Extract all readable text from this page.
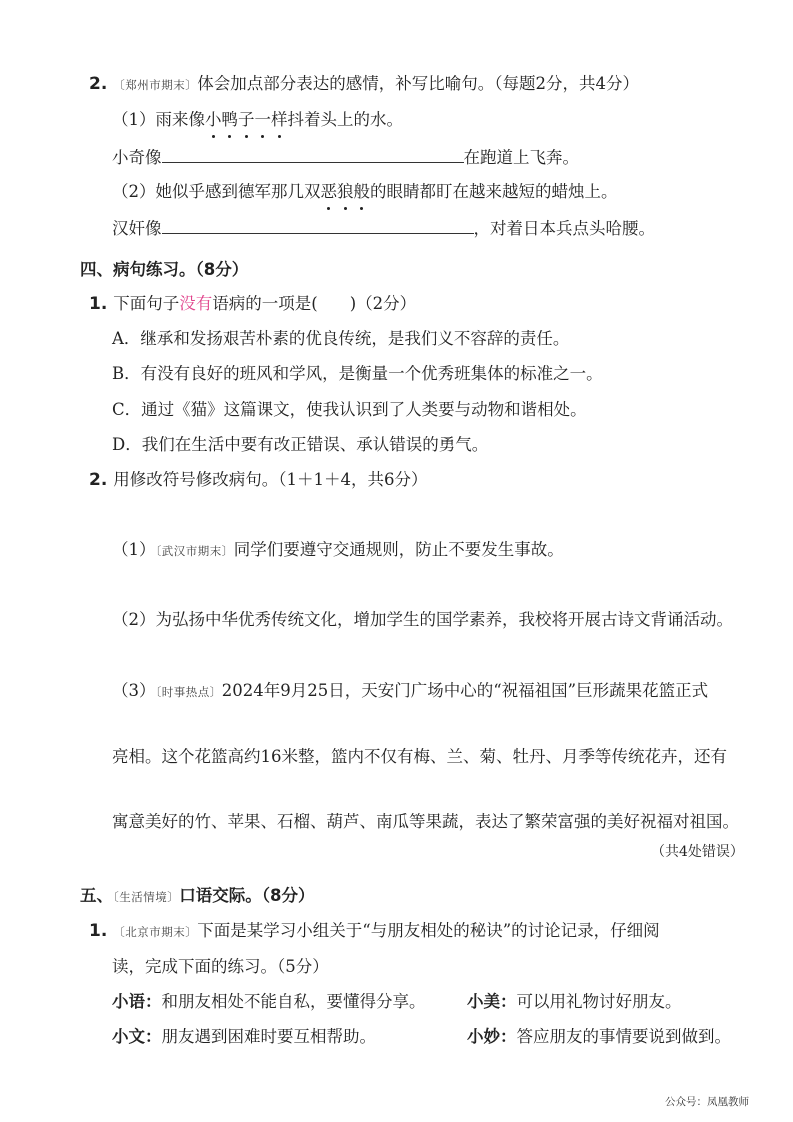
2. 〔郑州市期末〕体会加点部分表达的感情，补写比喻句。（每题2分，共4分）
（1）雨来像小鸭子一样抖着头上的水。
小奇像	在跑道上飞奔。
（2）她似乎感到德军那几双恶狼般的眼睛都盯在越来越短的蜡烛上。
汉奸像	，对着日本兵点头哈腰。
四、病句练习。（8分）
1. 下面句子没有语病的一项是( )（2分）
A．继承和发扬艰苦朴素的优良传统，是我们义不容辞的责任。
B．有没有良好的班风和学风，是衡量一个优秀班集体的标准之一。
C．通过《猫》这篇课文，使我认识到了人类要与动物和谐相处。
D．我们在生活中要有改正错误、承认错误的勇气。
2. 用修改符号修改病句。（1＋1＋4，共6分）
（1）〔武汉市期末〕同学们要遵守交通规则，防止不要发生事故。
（2）为弘扬中华优秀传统文化，增加学生的国学素养，我校将开展古诗文背诵活动。
（3）〔时事热点〕2024年9月25日，天安门广场中心的“祝福祖国”巨形蔬果花篮正式
亮相。这个花篮高约16米整，篮内不仅有梅、兰、菊、牡丹、月季等传统花卉，还有
寓意美好的竹、苹果、石榴、葫芦、南瓜等果蔬，表达了繁荣富强的美好祝福对祖国。
（共4处错误）
五、〔生活情境〕口语交际。（8分）
1. 〔北京市期末〕下面是某学习小组关于“与朋友相处的秘诀”的讨论记录，仔细阅
读，完成下面的练习。（5分）
小语：和朋友相处不能自私，要懂得分享。	小美：可以用礼物讨好朋友。
小文：朋友遇到困难时要互相帮助。	小妙：答应朋友的事情要说到做到。
公众号：凤凰教师
